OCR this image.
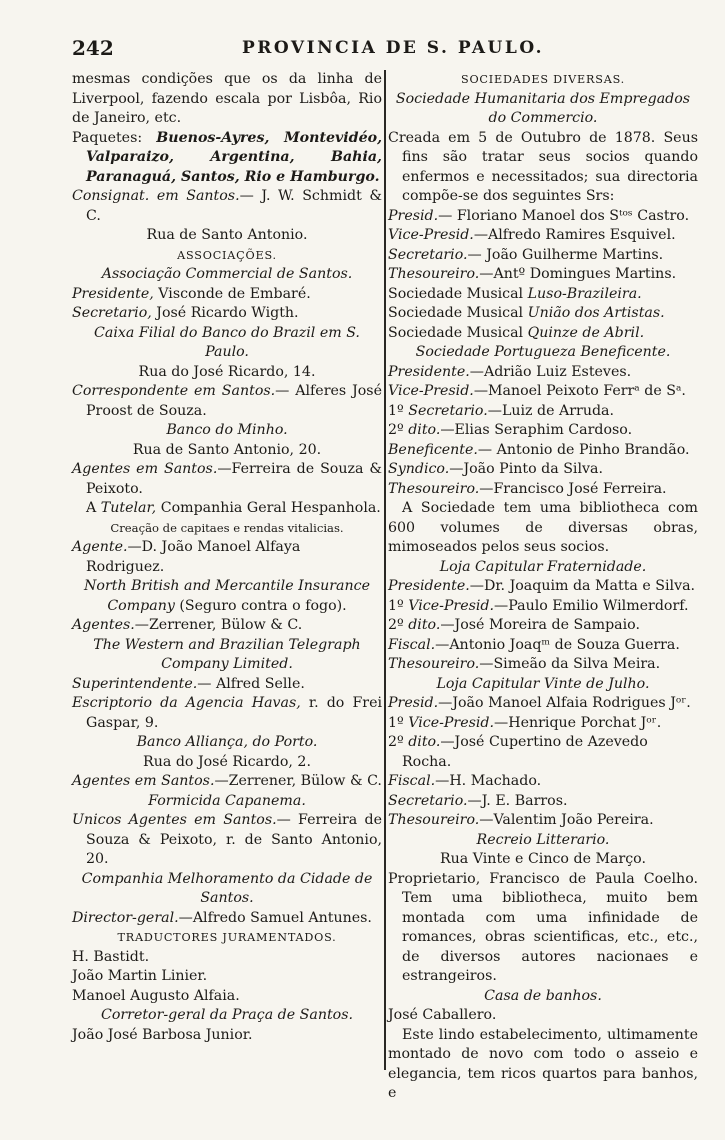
242	PROVINCIA DE S. PAULO.
mesmas condições que os da linha de Liverpool, fazendo escala por Lisbôa, Rio de Janeiro, etc.
Paquetes: Buenos-Ayres, Montevidéo, Valparaizo, Argentina, Bahia, Paranaguá, Santos, Rio e Hamburgo.
Consignat. em Santos.— J. W. Schmidt & C.
Rua de Santo Antonio.
ASSOCIAÇÕES.
Associação Commercial de Santos.
Presidente, Visconde de Embaré.
Secretario, José Ricardo Wigth.
Caixa Filial do Banco do Brazil em S. Paulo.
Rua do José Ricardo, 14.
Correspondente em Santos.— Alferes José Proost de Souza.
Banco do Minho.
Rua de Santo Antonio, 20.
Agentes em Santos.—Ferreira de Souza & Peixoto.
A Tutelar, Companhia Geral Hespanhola.
Creação de capitaes e rendas vitalicias.
Agente.—D. João Manoel Alfaya Rodriguez.
North British and Mercantile Insurance Company (Seguro contra o fogo).
Agentes.—Zerrener, Bülow & C.
The Western and Brazilian Telegraph Company Limited.
Superintendente.— Alfred Selle.
Escriptorio da Agencia Havas, r. do Frei Gaspar, 9.
Banco Alliança, do Porto.
Rua do José Ricardo, 2.
Agentes em Santos.—Zerrener, Bülow & C.
Formicida Capanema.
Unicos Agentes em Santos.— Ferreira de Souza & Peixoto, r. de Santo Antonio, 20.
Companhia Melhoramento da Cidade de Santos.
Director-geral.—Alfredo Samuel Antunes.
TRADUCTORES JURAMENTADOS.
H. Bastidt.
João Martin Linier.
Manoel Augusto Alfaia.
Corretor-geral da Praça de Santos.
João José Barbosa Junior.
SOCIEDADES DIVERSAS.
Sociedade Humanitaria dos Empregados do Commercio.
Creada em 5 de Outubro de 1878. Seus fins são tratar seus socios quando enfermos e necessitados; sua directoria compõe-se dos seguintes Srs:
Presid.— Floriano Manoel dos Sᵗᵒˢ Castro.
Vice-Presid.—Alfredo Ramires Esquivel.
Secretario.— João Guilherme Martins.
Thesoureiro.—Antº Domingues Martins.
Sociedade Musical Luso-Brazileira.
Sociedade Musical União dos Artistas.
Sociedade Musical Quinze de Abril.
Sociedade Portugueza Beneficente.
Presidente.—Adrião Luiz Esteves.
Vice-Presid.—Manoel Peixoto Ferrᵃ de Sᵃ.
1º Secretario.—Luiz de Arruda.
2º dito.—Elias Seraphim Cardoso.
Beneficente.— Antonio de Pinho Brandão.
Syndico.—João Pinto da Silva.
Thesoureiro.—Francisco José Ferreira.
A Sociedade tem uma bibliotheca com 600 volumes de diversas obras, mimoseados pelos seus socios.
Loja Capitular Fraternidade.
Presidente.—Dr. Joaquim da Matta e Silva.
1º Vice-Presid.—Paulo Emilio Wilmerdorf.
2º dito.—José Moreira de Sampaio.
Fiscal.—Antonio Joaqᵐ de Souza Guerra.
Thesoureiro.—Simeão da Silva Meira.
Loja Capitular Vinte de Julho.
Presid.—João Manoel Alfaia Rodrigues Jᵒʳ.
1º Vice-Presid.—Henrique Porchat Jᵒʳ.
2º dito.—José Cupertino de Azevedo Rocha.
Fiscal.—H. Machado.
Secretario.—J. E. Barros.
Thesoureiro.—Valentim João Pereira.
Recreio Litterario.
Rua Vinte e Cinco de Março.
Proprietario, Francisco de Paula Coelho. Tem uma bibliotheca, muito bem montada com uma infinidade de romances, obras scientificas, etc., etc., de diversos autores nacionaes e estrangeiros.
Casa de banhos.
José Caballero.
Este lindo estabelecimento, ultimamente montado de novo com todo o asseio e elegancia, tem ricos quartos para banhos, e
